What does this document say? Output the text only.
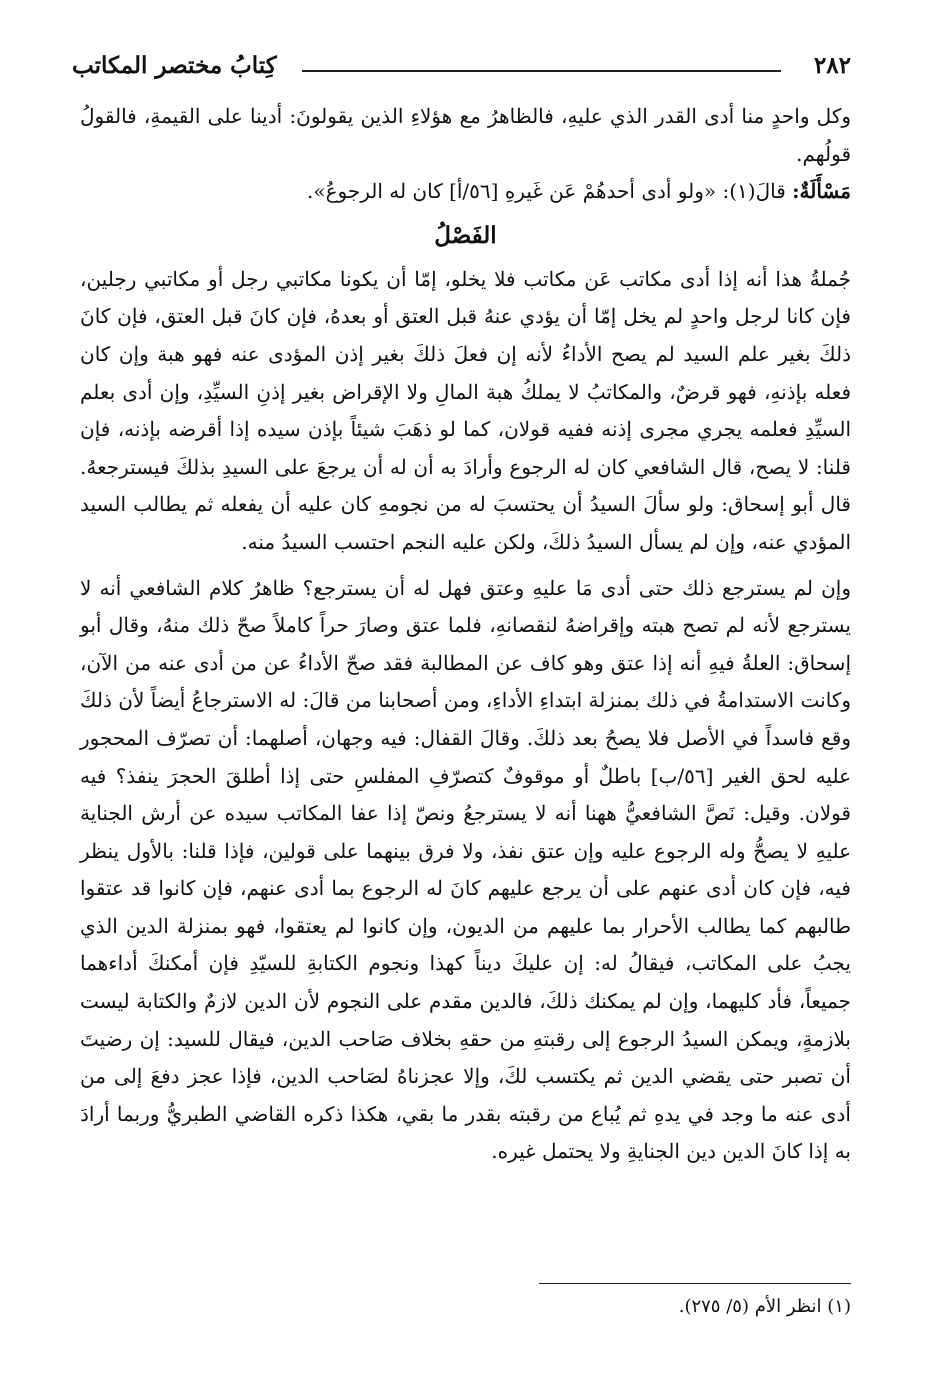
٢٨٢
كِتابُ مختصر المكاتب

وكل واحدٍ منا أدى القدر الذي عليهِ، فالظاهرُ مع هؤلاءِ الذين يقولونَ: أدينا على القيمةِ، فالقولُ قولُهم.

مَسْأَلَةٌ: قالَ(١): «ولو أدى أحدهُمْ عَن غَيرهِ [٥٦/أ] كان له الرجوعُ».

الفَصْلُ

جُملةُ هذا أنه إذا أدى مكاتب عَن مكاتب فلا يخلو، إمّا أن يكونا مكاتبي رجل أو مكاتبي رجلين، فإن كانا لرجل واحدٍ لم يخل إمّا أن يؤدي عنهُ قبل العتق أو بعدهُ، فإن كانَ قبل العتق، فإن كانَ ذلكَ بغير علم السيد لم يصح الأداءُ لأنه إن فعلَ ذلكَ بغير إذن المؤدى عنه فهو هبة وإن كان فعله بإذنهِ، فهو قرضٌ، والمكاتبُ لا يملكُ هبة المالِ ولا الإقراض بغير إذنِ السيِّدِ، وإن أدى بعلم السيِّدِ فعلمه يجري مجرى إذنه ففيه قولان، كما لو ذهَبَ شيئاً بإذن سيده إذا أقرضه بإذنه، فإن قلنا: لا يصح، قال الشافعي كان له الرجوع وأرادَ به أن له أن يرجعَ على السيدِ بذلكَ فيسترجعهُ. قال أبو إسحاق: ولو سألَ السيدُ أن يحتسبَ له من نجومهِ كان عليه أن يفعله ثم يطالب السيد المؤدي عنه، وإن لم يسأل السيدُ ذلكَ، ولكن عليه النجم احتسب السيدُ منه.

وإن لم يسترجع ذلك حتى أدى مَا عليهِ وعتق فهل له أن يسترجع؟ ظاهرُ كلام الشافعي أنه لا يسترجع لأنه لم تصح هبته وإقراضهُ لنقصانهِ، فلما عتق وصارَ حراً كاملاً صحّ ذلك منهُ، وقال أبو إسحاق: العلةُ فيهِ أنه إذا عتق وهو كاف عن المطالبة فقد صحّ الأداءُ عن من أدى عنه من الآن، وكانت الاستدامةُ في ذلك بمنزلة ابتداءِ الأداءِ، ومن أصحابنا من قالَ: له الاسترجاعُ أيضاً لأن ذلكَ وقع فاسداً في الأصل فلا يصحُ بعد ذلكَ. وقالَ القفال: فيه وجهان، أصلهما: أن تصرّف المحجور عليه لحق الغير [٥٦/ب] باطلٌ أو موقوفٌ كتصرّفِ المفلسِ حتى إذا أطلقَ الحجرَ ينفذ؟ فيه قولان. وقيل: نَصَّ الشافعيُّ ههنا أنه لا يسترجعُ ونصّ إذا عفا المكاتب سيده عن أرش الجناية عليهِ لا يصحُّ وله الرجوع عليه وإن عتق نفذ، ولا فرق بينهما على قولين، فإذا قلنا: بالأول ينظر فيه، فإن كان أدى عنهم على أن يرجع عليهم كانَ له الرجوع بما أدى عنهم، فإن كانوا قد عتقوا طالبهم كما يطالب الأحرار بما عليهم من الديون، وإن كانوا لم يعتقوا، فهو بمنزلة الدين الذي يجبُ على المكاتب، فيقالُ له: إن عليكَ ديناً كهذا ونجوم الكتابةِ للسيّدِ فإن أمكنكَ أداءهما جميعاً، فأد كليهما، وإن لم يمكنك ذلكَ، فالدين مقدم على النجوم لأن الدين لازمٌ والكتابة ليست بلازمةٍ، ويمكن السيدُ الرجوع إلى رقبتهِ من حقهِ بخلاف صَاحب الدين، فيقال للسيد: إن رضيتَ أن تصبر حتى يقضي الدين ثم يكتسب لكَ، وإلا عجزناهُ لصَاحب الدين، فإذا عجز دفعَ إلى من أدى عنه ما وجد في يدهِ ثم يُباع من رقبته بقدر ما بقي، هكذا ذكره القاضي الطبريُّ وربما أرادَ به إذا كانَ الدين دين الجنايةِ ولا يحتمل غيره.

(١) انظر الأم (٥/ ٢٧٥).
